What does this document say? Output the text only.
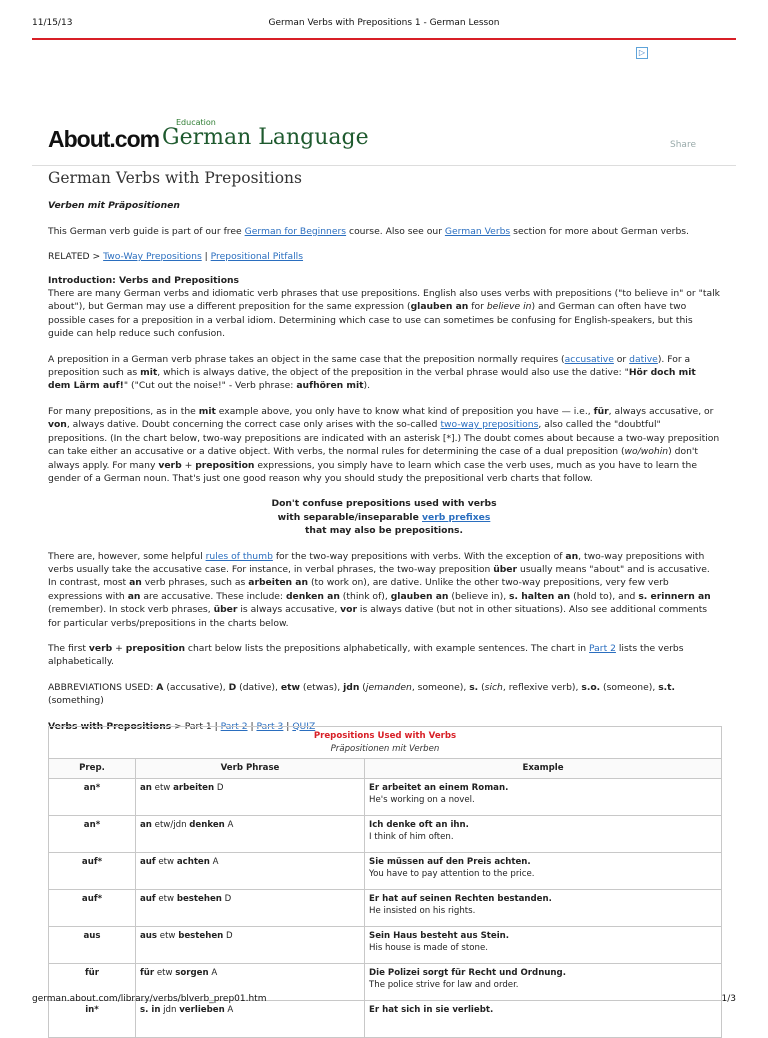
11/15/13	German Verbs with Prepositions 1 - German Lesson
▷
Education
About.com German Language	Share
German Verbs with Prepositions

Verben mit Präpositionen

This German verb guide is part of our free German for Beginners course. Also see our German Verbs section for more about German verbs.

RELATED > Two-Way Prepositions | Prepositional Pitfalls

Introduction: Verbs and Prepositions
There are many German verbs and idiomatic verb phrases that use prepositions. English also uses verbs with prepositions ("to believe in" or "talk about"), but German may use a different preposition for the same expression (glauben an for believe in) and German can often have two possible cases for a preposition in a verbal idiom. Determining which case to use can sometimes be confusing for English-speakers, but this guide can help reduce such confusion.

A preposition in a German verb phrase takes an object in the same case that the preposition normally requires (accusative or dative). For a preposition such as mit, which is always dative, the object of the preposition in the verbal phrase would also use the dative: "Hör doch mit dem Lärm auf!" ("Cut out the noise!" - Verb phrase: aufhören mit).

For many prepositions, as in the mit example above, you only have to know what kind of preposition you have — i.e., für, always accusative, or von, always dative. Doubt concerning the correct case only arises with the so-called two-way prepositions, also called the "doubtful" prepositions. (In the chart below, two-way prepositions are indicated with an asterisk [*].) The doubt comes about because a two-way preposition can take either an accusative or a dative object. With verbs, the normal rules for determining the case of a dual preposition (wo/wohin) don't always apply. For many verb + preposition expressions, you simply have to learn which case the verb uses, much as you have to learn the gender of a German noun. That's just one good reason why you should study the prepositional verb charts that follow.

Don't confuse prepositions used with verbs
with separable/inseparable verb prefixes
that may also be prepositions.

There are, however, some helpful rules of thumb for the two-way prepositions with verbs. With the exception of an, two-way prepositions with verbs usually take the accusative case. For instance, in verbal phrases, the two-way preposition über usually means "about" and is accusative. In contrast, most an verb phrases, such as arbeiten an (to work on), are dative. Unlike the other two-way prepositions, very few verb expressions with an are accusative. These include: denken an (think of), glauben an (believe in), s. halten an (hold to), and s. erinnern an (remember). In stock verb phrases, über is always accusative, vor is always dative (but not in other situations). Also see additional comments for particular verbs/prepositions in the charts below.

The first verb + preposition chart below lists the prepositions alphabetically, with example sentences. The chart in Part 2 lists the verbs alphabetically.

ABBREVIATIONS USED: A (accusative), D (dative), etw (etwas), jdn (jemanden, someone), s. (sich, reflexive verb), s.o. (someone), s.t. (something)

Verbs with Prepositions > Part 1 | Part 2 | Part 3 | QUIZ

Prepositions Used with Verbs
Präpositionen mit Verben		

Prep.	Verb Phrase	Example
an*	an etw arbeiten D	Er arbeitet an einem Roman.
He's working on a novel.

an*	an etw/jdn denken A	Ich denke oft an ihn.
I think of him often.

auf*	auf etw achten A	Sie müssen auf den Preis achten.
You have to pay attention to the price.

auf*	auf etw bestehen D	Er hat auf seinen Rechten bestanden.
He insisted on his rights.

aus	aus etw bestehen D	Sein Haus besteht aus Stein.
His house is made of stone.

für	für etw sorgen A	Die Polizei sorgt für Recht und Ordnung.
The police strive for law and order.

in*	s. in jdn verlieben A	Er hat sich in sie verliebt.
german.about.com/library/verbs/blverb_prep01.htm	1/3
